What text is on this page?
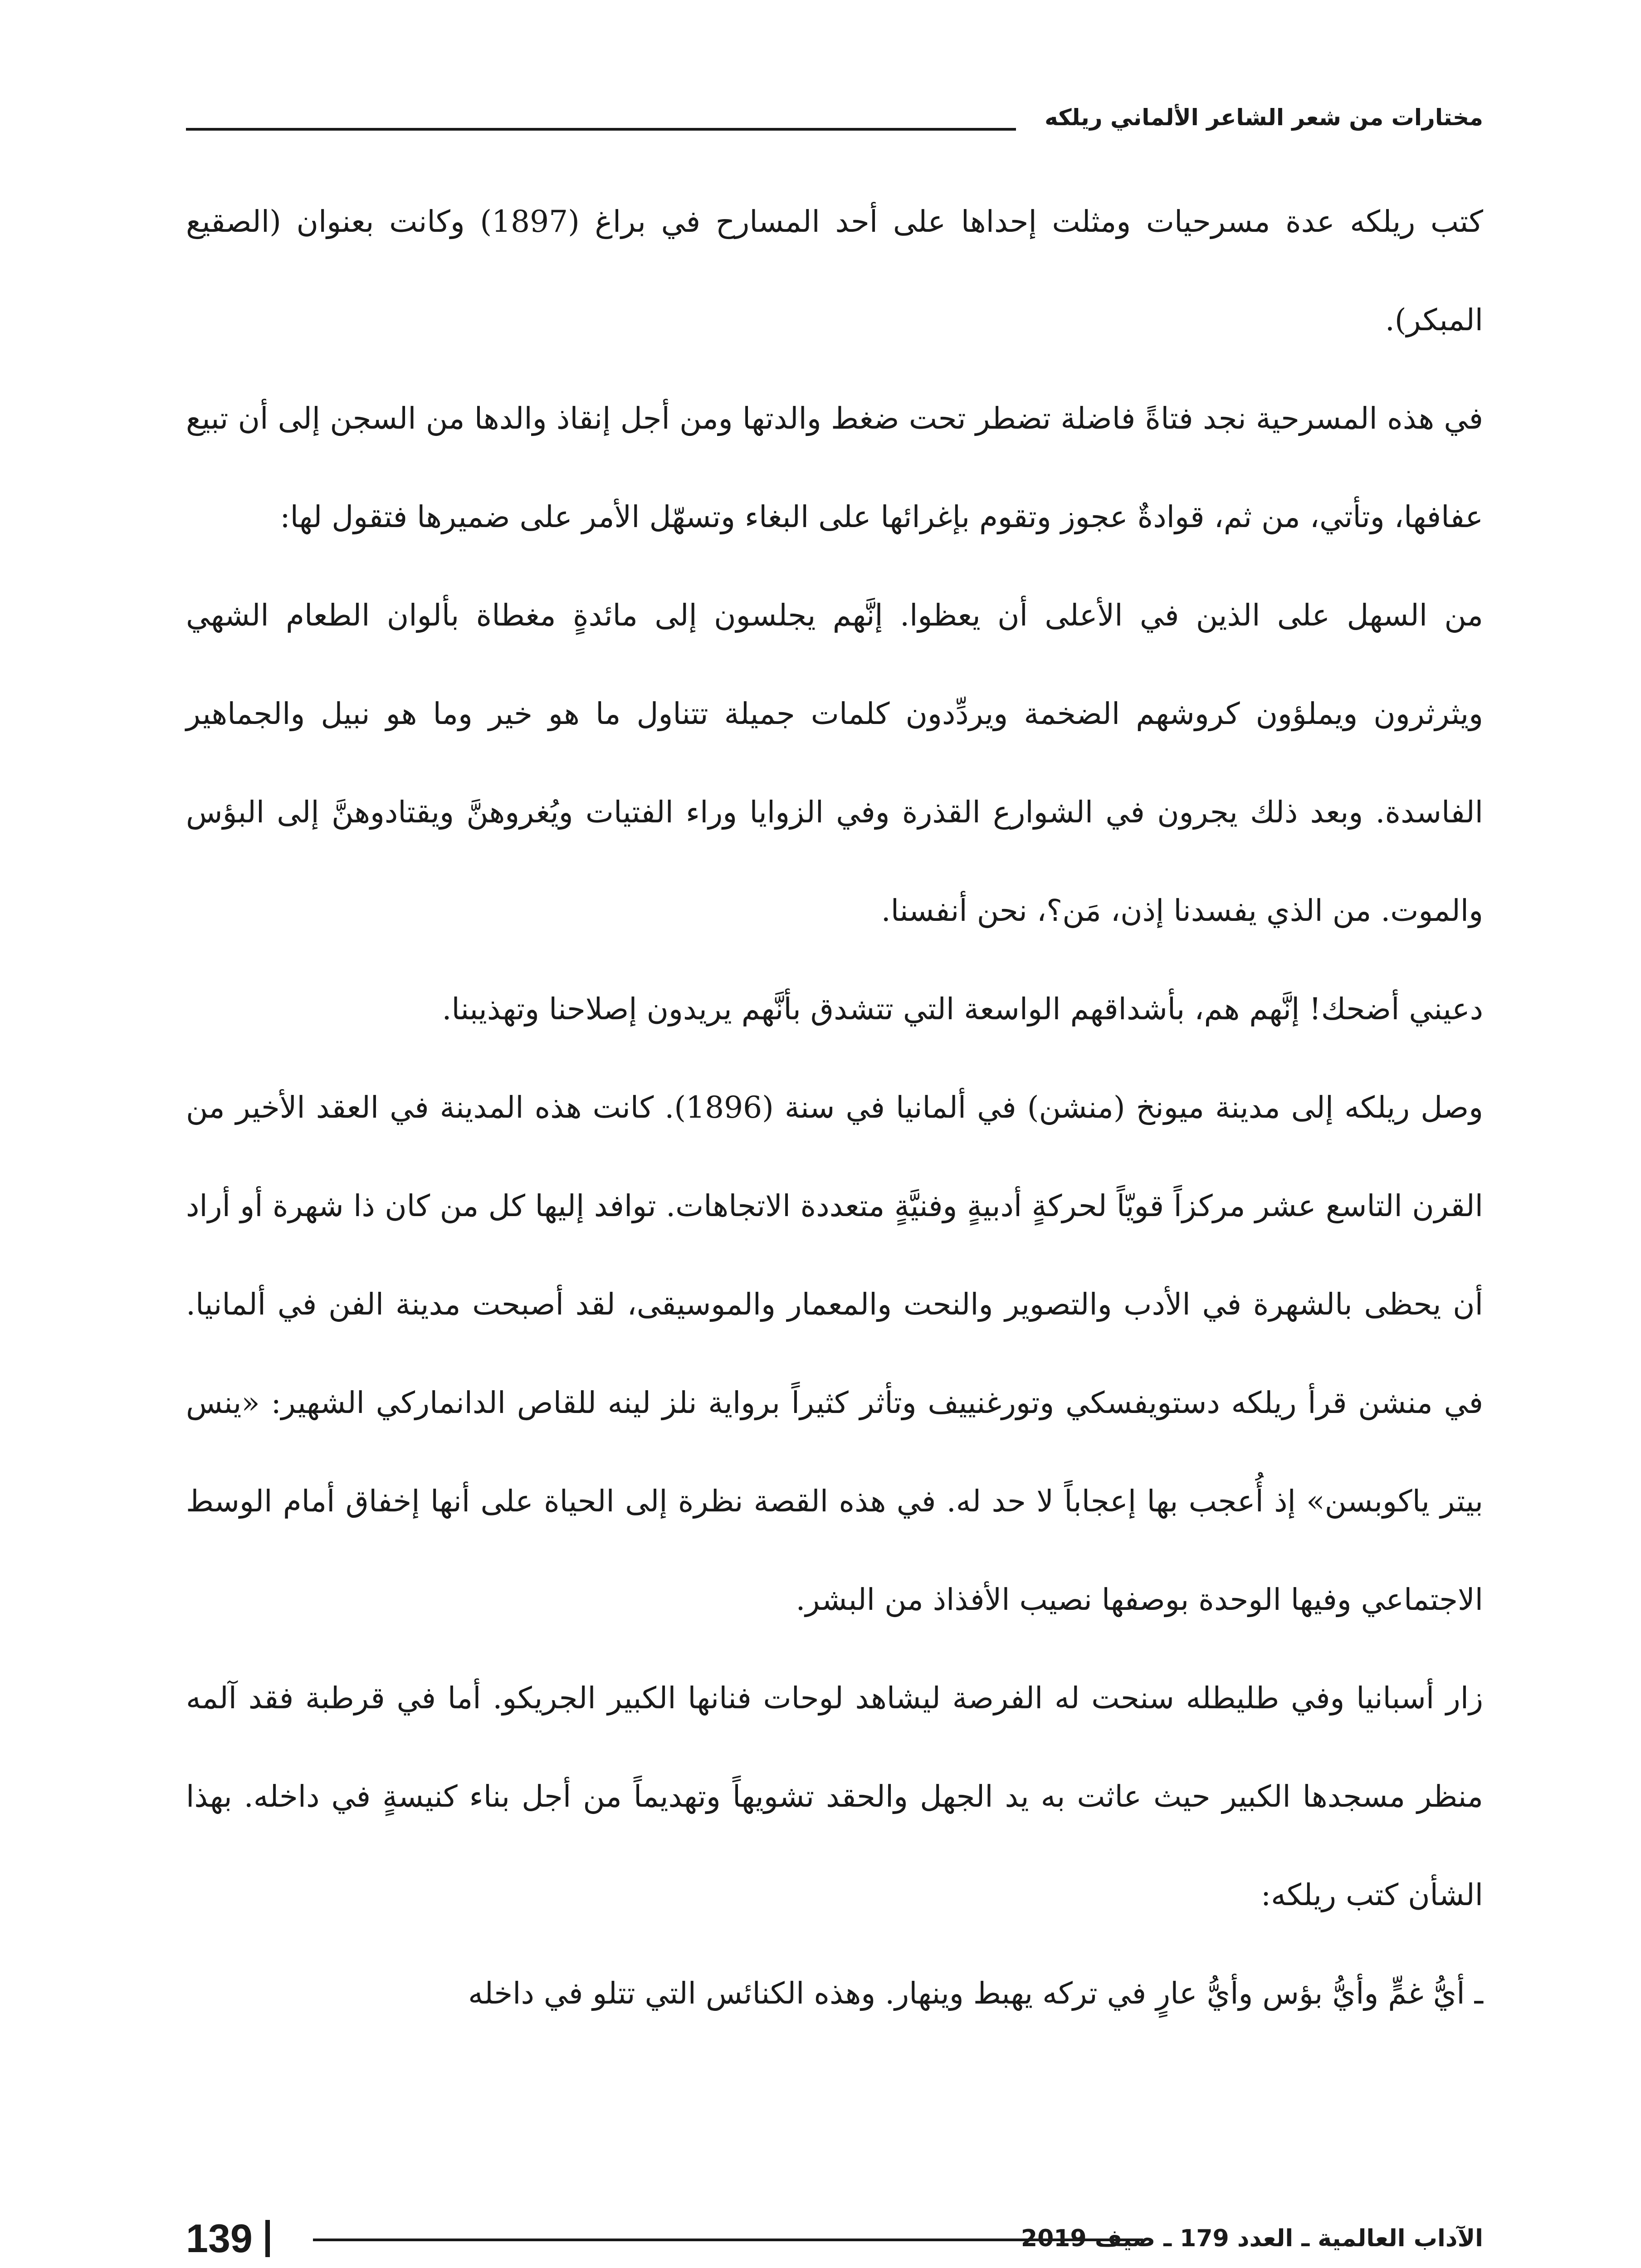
مختارات من شعر الشاعر الألماني ريلكه

كتب ريلكه عدة مسرحيات ومثلت إحداها على أحد المسارح في براغ (1897) وكانت بعنوان (الصقيع المبكر).

في هذه المسرحية نجد فتاةً فاضلة تضطر تحت ضغط والدتها ومن أجل إنقاذ والدها من السجن إلى أن تبيع عفافها، وتأتي، من ثم، قوادةٌ عجوز وتقوم بإغرائها على البغاء وتسهّل الأمر على ضميرها فتقول لها:

من السهل على الذين في الأعلى أن يعظوا. إنَّهم يجلسون إلى مائدةٍ مغطاة بألوان الطعام الشهي ويثرثرون ويملؤون كروشهم الضخمة ويردِّدون كلمات جميلة تتناول ما هو خير وما هو نبيل والجماهير الفاسدة. وبعد ذلك يجرون في الشوارع القذرة وفي الزوايا وراء الفتيات ويُغروهنَّ ويقتادوهنَّ إلى البؤس والموت. من الذي يفسدنا إذن، مَن؟، نحن أنفسنا.

دعيني أضحك! إنَّهم هم، بأشداقهم الواسعة التي تتشدق بأنَّهم يريدون إصلاحنا وتهذيبنا.

وصل ريلكه إلى مدينة ميونخ (منشن) في ألمانيا في سنة (1896). كانت هذه المدينة في العقد الأخير من القرن التاسع عشر مركزاً قويّاً لحركةٍ أدبيةٍ وفنيَّةٍ متعددة الاتجاهات. توافد إليها كل من كان ذا شهرة أو أراد أن يحظى بالشهرة في الأدب والتصوير والنحت والمعمار والموسيقى، لقد أصبحت مدينة الفن في ألمانيا. في منشن قرأ ريلكه دستويفسكي وتورغنييف وتأثر كثيراً برواية نلز لينه للقاص الدانماركي الشهير: «ينس بيتر ياكوبسن» إذ أُعجب بها إعجاباً لا حد له. في هذه القصة نظرة إلى الحياة على أنها إخفاق أمام الوسط الاجتماعي وفيها الوحدة بوصفها نصيب الأفذاذ من البشر.

زار أسبانيا وفي طليطله سنحت له الفرصة ليشاهد لوحات فنانها الكبير الجريكو. أما في قرطبة فقد آلمه منظر مسجدها الكبير حيث عاثت به يد الجهل والحقد تشويهاً وتهديماً من أجل بناء كنيسةٍ في داخله. بهذا الشأن كتب ريلكه:

ـ أيُّ غمٍّ وأيُّ بؤس وأيُّ عارٍ في تركه يهبط وينهار. وهذه الكنائس التي تتلو في داخله

139	الآداب العالمية ـ العدد 179 ـ صيف 2019
